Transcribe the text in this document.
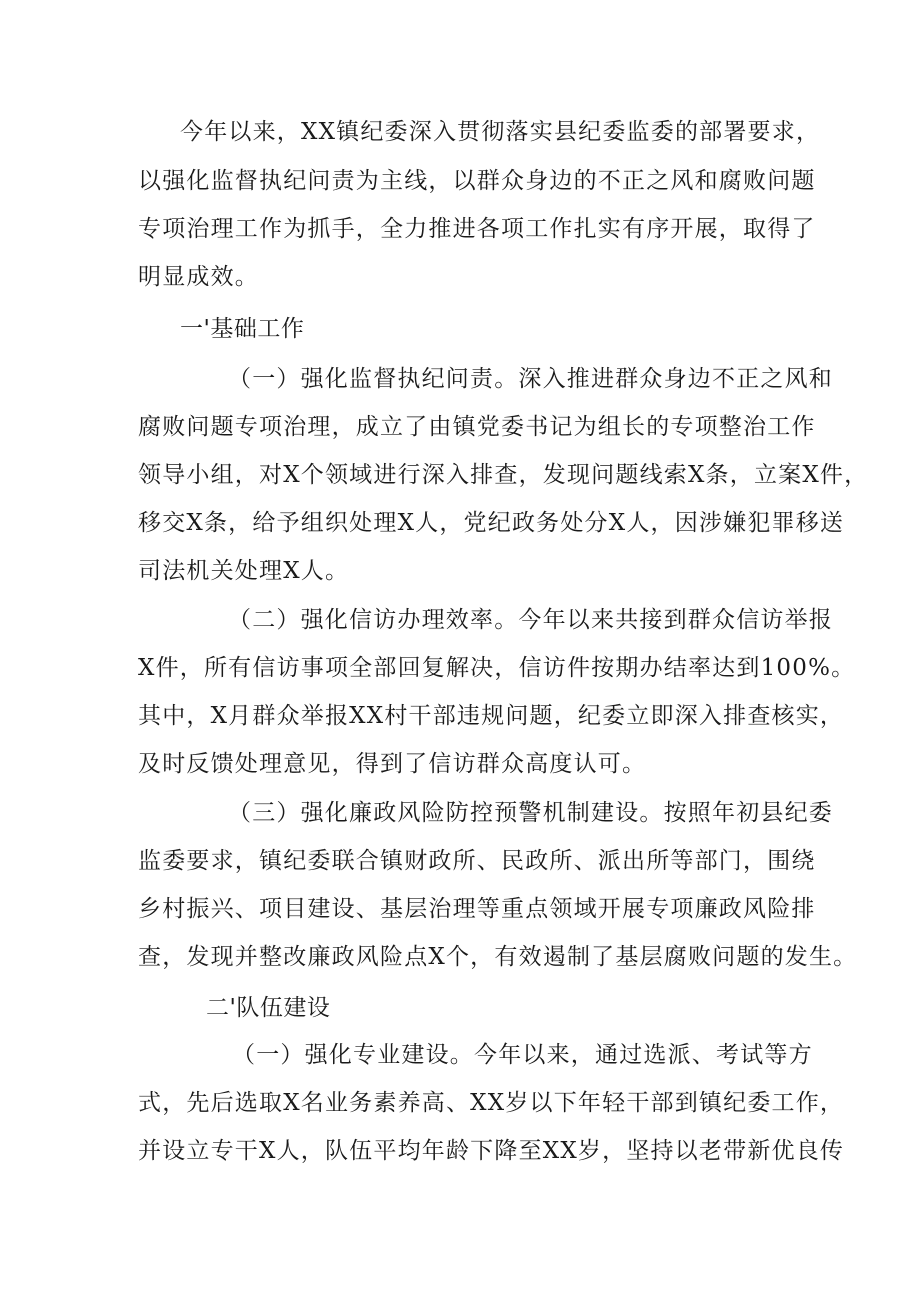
今年以来，XX镇纪委深入贯彻落实县纪委监委的部署要求，
以强化监督执纪问责为主线，以群众身边的不正之风和腐败问题
专项治理工作为抓手，全力推进各项工作扎实有序开展，取得了
明显成效。
一'基础工作
（一）强化监督执纪问责。深入推进群众身边不正之风和
腐败问题专项治理，成立了由镇党委书记为组长的专项整治工作
领导小组，对X个领域进行深入排查，发现问题线索X条，立案X件，
移交X条，给予组织处理X人，党纪政务处分X人，因涉嫌犯罪移送
司法机关处理X人。
（二）强化信访办理效率。今年以来共接到群众信访举报
X件，所有信访事项全部回复解决，信访件按期办结率达到100%。
其中，X月群众举报XX村干部违规问题，纪委立即深入排查核实，
及时反馈处理意见，得到了信访群众高度认可。
（三）强化廉政风险防控预警机制建设。按照年初县纪委
监委要求，镇纪委联合镇财政所、民政所、派出所等部门，围绕
乡村振兴、项目建设、基层治理等重点领域开展专项廉政风险排
查，发现并整改廉政风险点X个，有效遏制了基层腐败问题的发生。
二'队伍建设
（一）强化专业建设。今年以来，通过选派、考试等方
式，先后选取X名业务素养高、XX岁以下年轻干部到镇纪委工作，
并设立专干X人，队伍平均年龄下降至XX岁，坚持以老带新优良传
